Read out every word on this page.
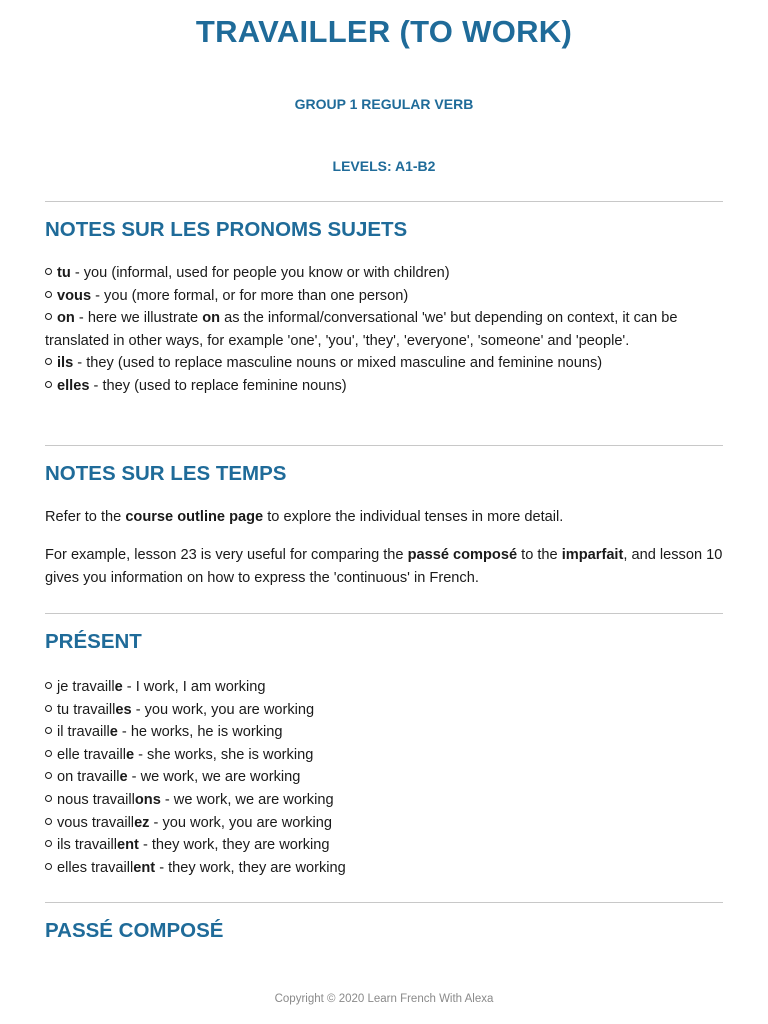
TRAVAILLER (TO WORK)
GROUP 1 REGULAR VERB
LEVELS: A1-B2
NOTES SUR LES PRONOMS SUJETS
tu - you (informal, used for people you know or with children)
vous - you (more formal, or for more than one person)
on - here we illustrate on as the informal/conversational 'we' but depending on context, it can be translated in other ways, for example 'one', 'you', 'they', 'everyone', 'someone' and 'people'.
ils - they (used to replace masculine nouns or mixed masculine and feminine nouns)
elles - they (used to replace feminine nouns)
NOTES SUR LES TEMPS
Refer to the course outline page to explore the individual tenses in more detail.
For example, lesson 23 is very useful for comparing the passé composé to the imparfait, and lesson 10 gives you information on how to express the 'continuous' in French.
PRÉSENT
je travaille - I work, I am working
tu travailles - you work, you are working
il travaille - he works, he is working
elle travaille - she works, she is working
on travaille - we work, we are working
nous travaillons - we work, we are working
vous travaillez - you work, you are working
ils travaillent - they work, they are working
elles travaillent - they work, they are working
PASSÉ COMPOSÉ
Copyright © 2020 Learn French With Alexa
